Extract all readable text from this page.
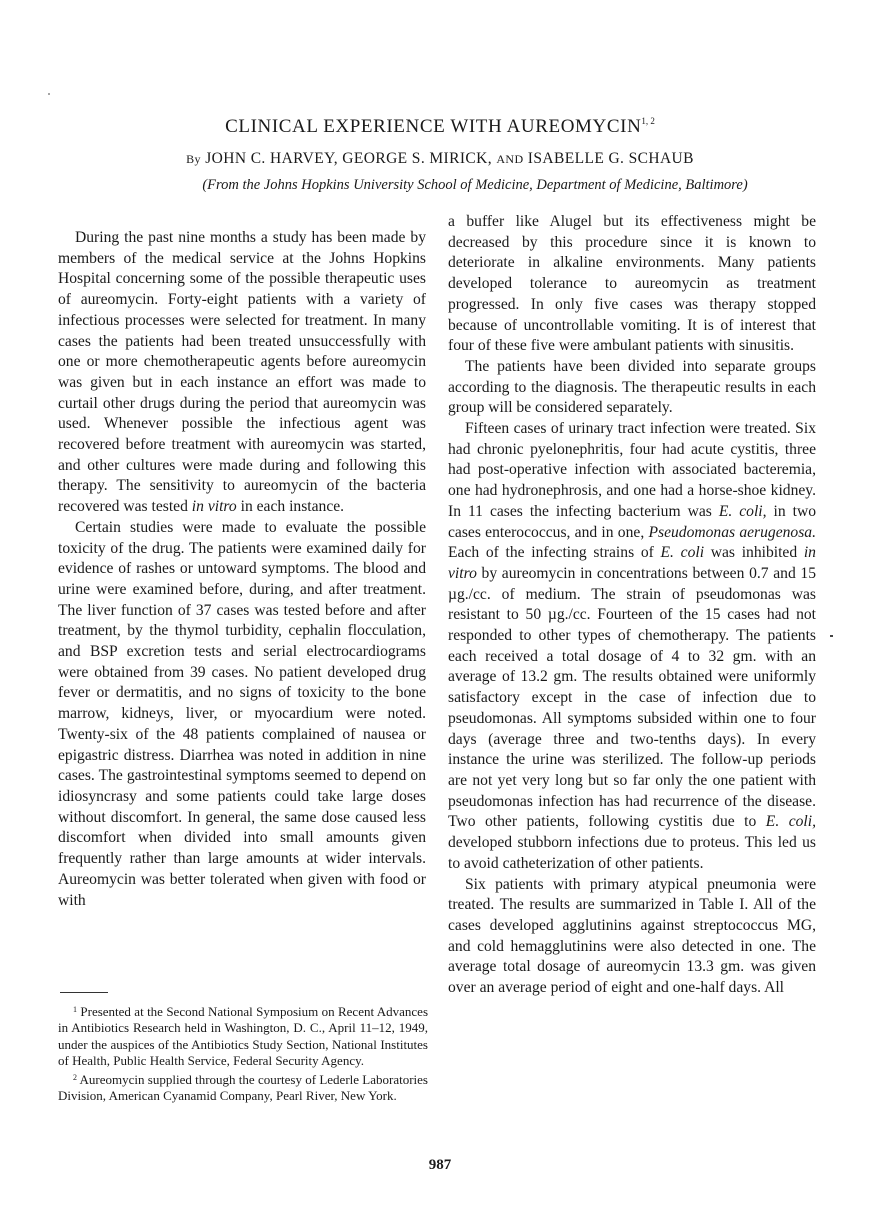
CLINICAL EXPERIENCE WITH AUREOMYCIN$^{1, 2}$
By JOHN C. HARVEY, GEORGE S. MIRICK, AND ISABELLE G. SCHAUB
(From the Johns Hopkins University School of Medicine, Department of Medicine, Baltimore)

During the past nine months a study has been made by members of the medical service at the Johns Hopkins Hospital concerning some of the possible therapeutic uses of aureomycin. Forty-eight patients with a variety of infectious processes were selected for treatment. In many cases the patients had been treated unsuccessfully with one or more chemotherapeutic agents before aureomycin was given but in each instance an effort was made to curtail other drugs during the period that aureomycin was used. Whenever possible the infectious agent was recovered before treatment with aureomycin was started, and other cultures were made during and following this therapy. The sensitivity to aureomycin of the bacteria recovered was tested in vitro in each instance.

Certain studies were made to evaluate the possible toxicity of the drug. The patients were examined daily for evidence of rashes or untoward symptoms. The blood and urine were examined before, during, and after treatment. The liver function of 37 cases was tested before and after treatment, by the thymol turbidity, cephalin flocculation, and BSP excretion tests and serial electrocardiograms were obtained from 39 cases. No patient developed drug fever or dermatitis, and no signs of toxicity to the bone marrow, kidneys, liver, or myocardium were noted. Twenty-six of the 48 patients complained of nausea or epigastric distress. Diarrhea was noted in addition in nine cases. The gastrointestinal symptoms seemed to depend on idiosyncrasy and some patients could take large doses without discomfort. In general, the same dose caused less discomfort when divided into small amounts given frequently rather than large amounts at wider intervals. Aureomycin was better tolerated when given with food or with

a buffer like Alugel but its effectiveness might be decreased by this procedure since it is known to deteriorate in alkaline environments. Many patients developed tolerance to aureomycin as treatment progressed. In only five cases was therapy stopped because of uncontrollable vomiting. It is of interest that four of these five were ambulant patients with sinusitis.

The patients have been divided into separate groups according to the diagnosis. The therapeutic results in each group will be considered separately.

Fifteen cases of urinary tract infection were treated. Six had chronic pyelonephritis, four had acute cystitis, three had post-operative infection with associated bacteremia, one had hydronephrosis, and one had a horse-shoe kidney. In 11 cases the infecting bacterium was E. coli, in two cases enterococcus, and in one, Pseudomonas aerugenosa. Each of the infecting strains of E. coli was inhibited in vitro by aureomycin in concentrations between 0.7 and 15 µg./cc. of medium. The strain of pseudomonas was resistant to 50 µg./cc. Fourteen of the 15 cases had not responded to other types of chemotherapy. The patients each received a total dosage of 4 to 32 gm. with an average of 13.2 gm. The results obtained were uniformly satisfactory except in the case of infection due to pseudomonas. All symptoms subsided within one to four days (average three and two-tenths days). In every instance the urine was sterilized. The follow-up periods are not yet very long but so far only the one patient with pseudomonas infection has had recurrence of the disease. Two other patients, following cystitis due to E. coli, developed stubborn infections due to proteus. This led us to avoid catheterization of other patients.

Six patients with primary atypical pneumonia were treated. The results are summarized in Table I. All of the cases developed agglutinins against streptococcus MG, and cold hemagglutinins were also detected in one. The average total dosage of aureomycin 13.3 gm. was given over an average period of eight and one-half days. All

$^1$ Presented at the Second National Symposium on Recent Advances in Antibiotics Research held in Washington, D. C., April 11–12, 1949, under the auspices of the Antibiotics Study Section, National Institutes of Health, Public Health Service, Federal Security Agency.

$^2$ Aureomycin supplied through the courtesy of Lederle Laboratories Division, American Cyanamid Company, Pearl River, New York.

987
